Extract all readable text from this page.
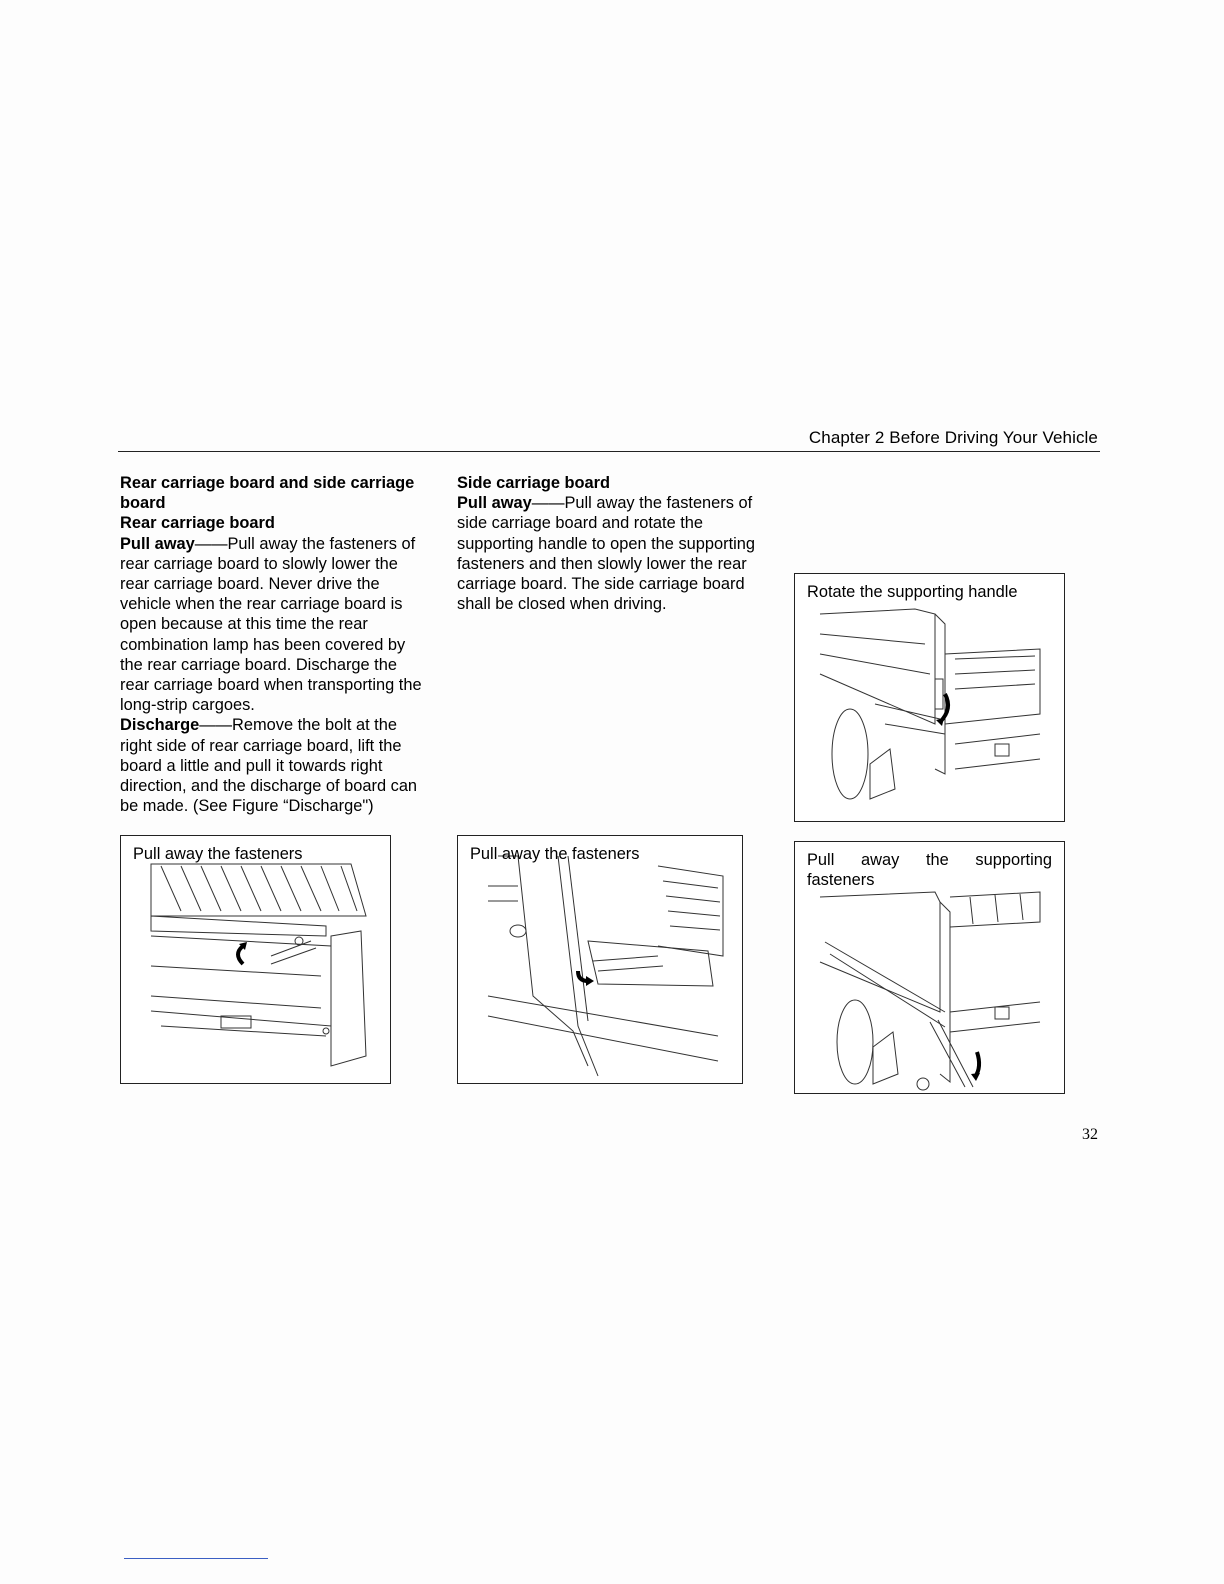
Chapter 2 Before Driving Your Vehicle

Rear carriage board and side carriage board

Rear carriage board

Pull away——Pull away the fasteners of rear carriage board to slowly lower the rear carriage board. Never drive the vehicle when the rear carriage board is open because at this time the rear combination lamp has been covered by the rear carriage board. Discharge the rear carriage board when transporting the long-strip cargoes.

Discharge——Remove the bolt at the right side of rear carriage board, lift the board a little and pull it towards right direction, and the discharge of board can be made. (See Figure “Discharge")

Side carriage board

Pull away——Pull away the fasteners of side carriage board and rotate the supporting handle to open the supporting fasteners and then slowly lower the rear carriage board. The side carriage board shall be closed when driving.

Pull away the fasteners	Pull away the fasteners
Rotate the supporting handle
Pull away the supporting
fasteners
32
